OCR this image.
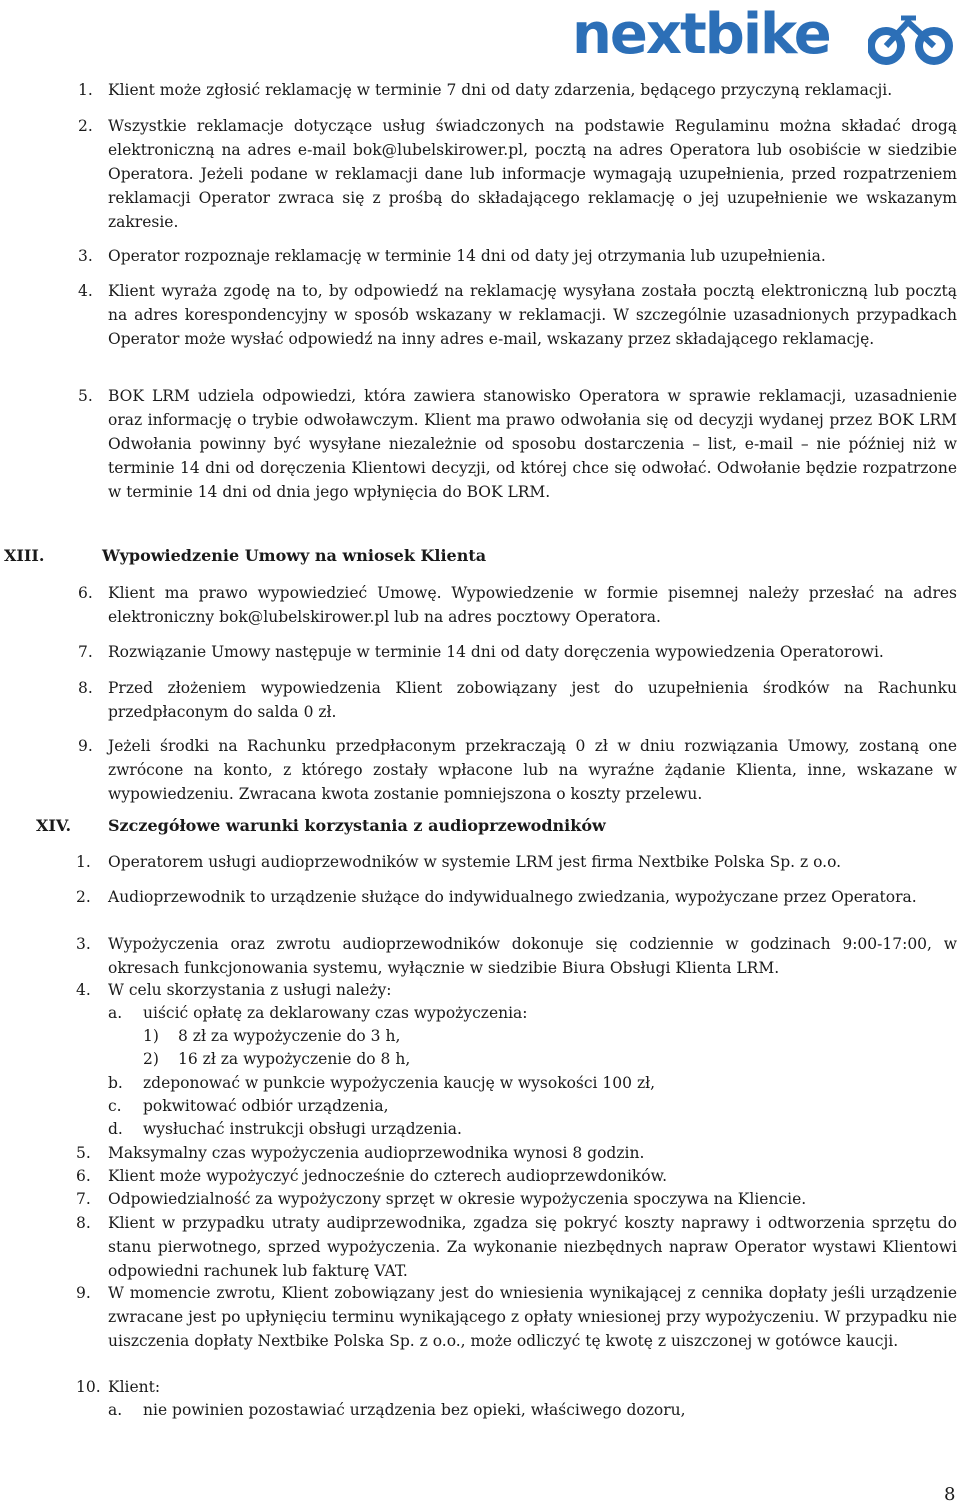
nextbike
1. Klient może zgłosić reklamację w terminie 7 dni od daty zdarzenia, będącego przyczyną reklamacji.
2. Wszystkie reklamacje dotyczące usług świadczonych na podstawie Regulaminu można składać drogą elektroniczną na adres e-mail bok@lubelskirower.pl, pocztą na adres Operatora lub osobiście w siedzibie Operatora. Jeżeli podane w reklamacji dane lub informacje wymagają uzupełnienia, przed rozpatrzeniem reklamacji Operator zwraca się z prośbą do składającego reklamację o jej uzupełnienie we wskazanym zakresie.
3. Operator rozpoznaje reklamację w terminie 14 dni od daty jej otrzymania lub uzupełnienia.
4. Klient wyraża zgodę na to, by odpowiedź na reklamację wysyłana została pocztą elektroniczną lub pocztą na adres korespondencyjny w sposób wskazany w reklamacji. W szczególnie uzasadnionych przypadkach Operator może wysłać odpowiedź na inny adres e-mail, wskazany przez składającego reklamację.
5. BOK LRM udziela odpowiedzi, która zawiera stanowisko Operatora w sprawie reklamacji, uzasadnienie oraz informację o trybie odwoławczym. Klient ma prawo odwołania się od decyzji wydanej przez BOK LRM Odwołania powinny być wysyłane niezależnie od sposobu dostarczenia – list, e-mail – nie później niż w terminie 14 dni od doręczenia Klientowi decyzji, od której chce się odwołać. Odwołanie będzie rozpatrzone w terminie 14 dni od dnia jego wpłynięcia do BOK LRM.
XIII.	Wypowiedzenie Umowy na wniosek Klienta
6. Klient ma prawo wypowiedzieć Umowę. Wypowiedzenie w formie pisemnej należy przesłać na adres elektroniczny bok@lubelskirower.pl lub na adres pocztowy Operatora.
7. Rozwiązanie Umowy następuje w terminie 14 dni od daty doręczenia wypowiedzenia Operatorowi.
8. Przed złożeniem wypowiedzenia Klient zobowiązany jest do uzupełnienia środków na Rachunku przedpłaconym do salda 0 zł.
9. Jeżeli środki na Rachunku przedpłaconym przekraczają 0 zł w dniu rozwiązania Umowy, zostaną one zwrócone na konto, z którego zostały wpłacone lub na wyraźne żądanie Klienta, inne, wskazane w wypowiedzeniu. Zwracana kwota zostanie pomniejszona o koszty przelewu.
XIV. Szczegółowe warunki korzystania z audioprzewodników
1. Operatorem usługi audioprzewodników w systemie LRM jest firma Nextbike Polska Sp. z o.o.
2. Audioprzewodnik to urządzenie służące do indywidualnego zwiedzania, wypożyczane przez Operatora.
3. Wypożyczenia oraz zwrotu audioprzewodników dokonuje się codziennie w godzinach 9:00-17:00, w okresach funkcjonowania systemu, wyłącznie w siedzibie Biura Obsługi Klienta LRM.
4. W celu skorzystania z usługi należy:
a. uiścić opłatę za deklarowany czas wypożyczenia:
1) 8 zł za wypożyczenie do 3 h,
2) 16 zł za wypożyczenie do 8 h,
b. zdeponować w punkcie wypożyczenia kaucję w wysokości 100 zł,
c. pokwitować odbiór urządzenia,
d. wysłuchać instrukcji obsługi urządzenia.
5. Maksymalny czas wypożyczenia audioprzewodnika wynosi 8 godzin.
6. Klient może wypożyczyć jednocześnie do czterech audioprzewdoników.
7. Odpowiedzialność za wypożyczony sprzęt w okresie wypożyczenia spoczywa na Kliencie.
8. Klient w przypadku utraty audiprzewodnika, zgadza się pokryć koszty naprawy i odtworzenia sprzętu do stanu pierwotnego, sprzed wypożyczenia. Za wykonanie niezbędnych napraw Operator wystawi Klientowi odpowiedni rachunek lub fakturę VAT.
9. W momencie zwrotu, Klient zobowiązany jest do wniesienia wynikającej z cennika dopłaty jeśli urządzenie zwracane jest po upłynięciu terminu wynikającego z opłaty wniesionej przy wypożyczeniu. W przypadku nie uiszczenia dopłaty Nextbike Polska Sp. z o.o., może odliczyć tę kwotę z uiszczonej w gotówce kaucji.
10. Klient:
a. nie powinien pozostawiać urządzenia bez opieki, właściwego dozoru,
8
